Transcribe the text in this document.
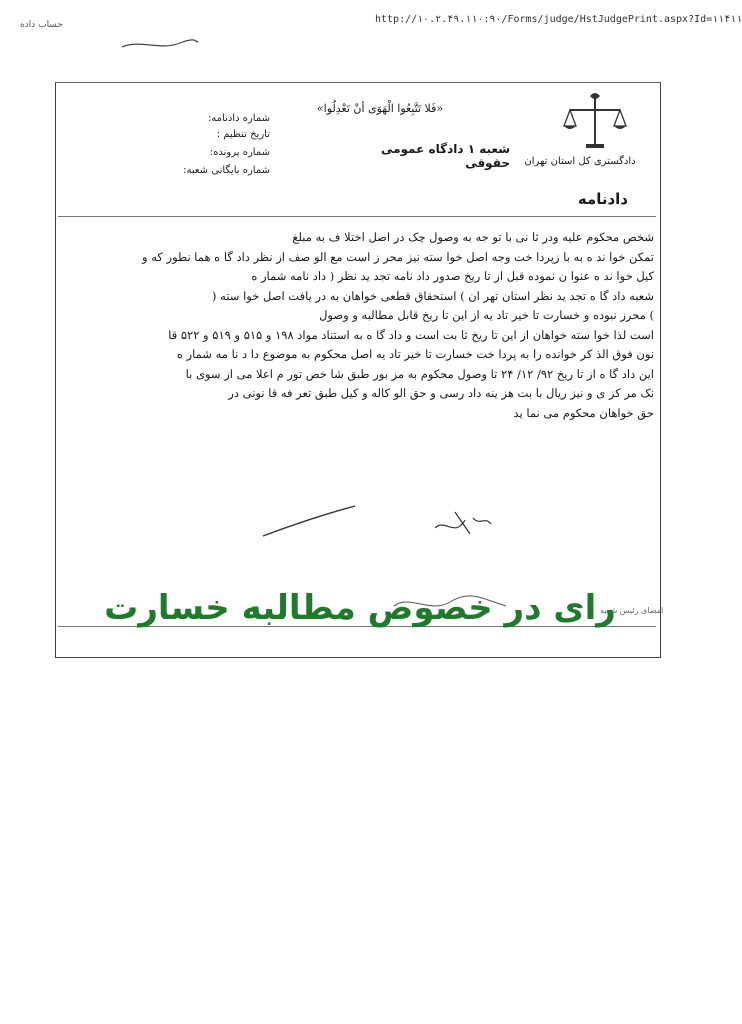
حساب داده	http://۱۰.۲.۴۹.۱۱۰:۹۰/Forms/judge/HstJudgePrint.aspx?Id=۱۱۴۱۱
دادگستری کل استان تهران
«فَلا تَتَّبِعُوا الْهَوَى أنْ تَعْدِلُوا»
شعبه ۱ دادگاه عمومی حقوقی
شماره دادنامه:
تاریخ تنظیم :
شماره پرونده:
شماره بایگانی شعبه:
دادنامه
شخص محکوم علیه ودر ثا نی با تو جه به وصول چک در اصل اختلا ف به مبلغ
تمکن خوا ند ه به با زپردا خت وجه اصل خوا سته نیز محر ز است مع الو صف از نظر داد گا ه هما نطور که و
کیل خوا ند ه عنوا ن نموده قبل از تا ریخ صدور داد نامه تجد ید نظر ( داد نامه شمار ه
شعبه داد گا ه تجد ید نظر استان تهر ان ) استحقاق قطعی خواهان به در یافت اصل خوا سته (
) محرز نبوده و خسارت تا خیر تاد یه از این تا ریخ قابل مطالبه و وصول
است لذا خوا سته خواهان از این تا ریخ ثا بت است و داد گا ه به استناد مواد ۱۹۸ و ۵۱۵ و ۵۱۹ و ۵۲۲ قا
نون فوق الذ کر خوانده را به پردا خت خسارت تا خیر تاد یه اصل محکوم به موضوع دا د نا مه شمار ه
این داد گا ه از تا ریخ ۹۲/ ۱۲/ ۲۴ تا وصول محکوم به مز بور طبق شا خص تور م اعلا می از سوی با
نک مر کز ی و نیز ریال با بت هز ینه داد رسی و حق الو کاله و کیل طبق تعر فه قا نونی در
حق خواهان محکوم می نما ید
امضای رئیس شعبه
رای در خصوص مطالبه خسارت
